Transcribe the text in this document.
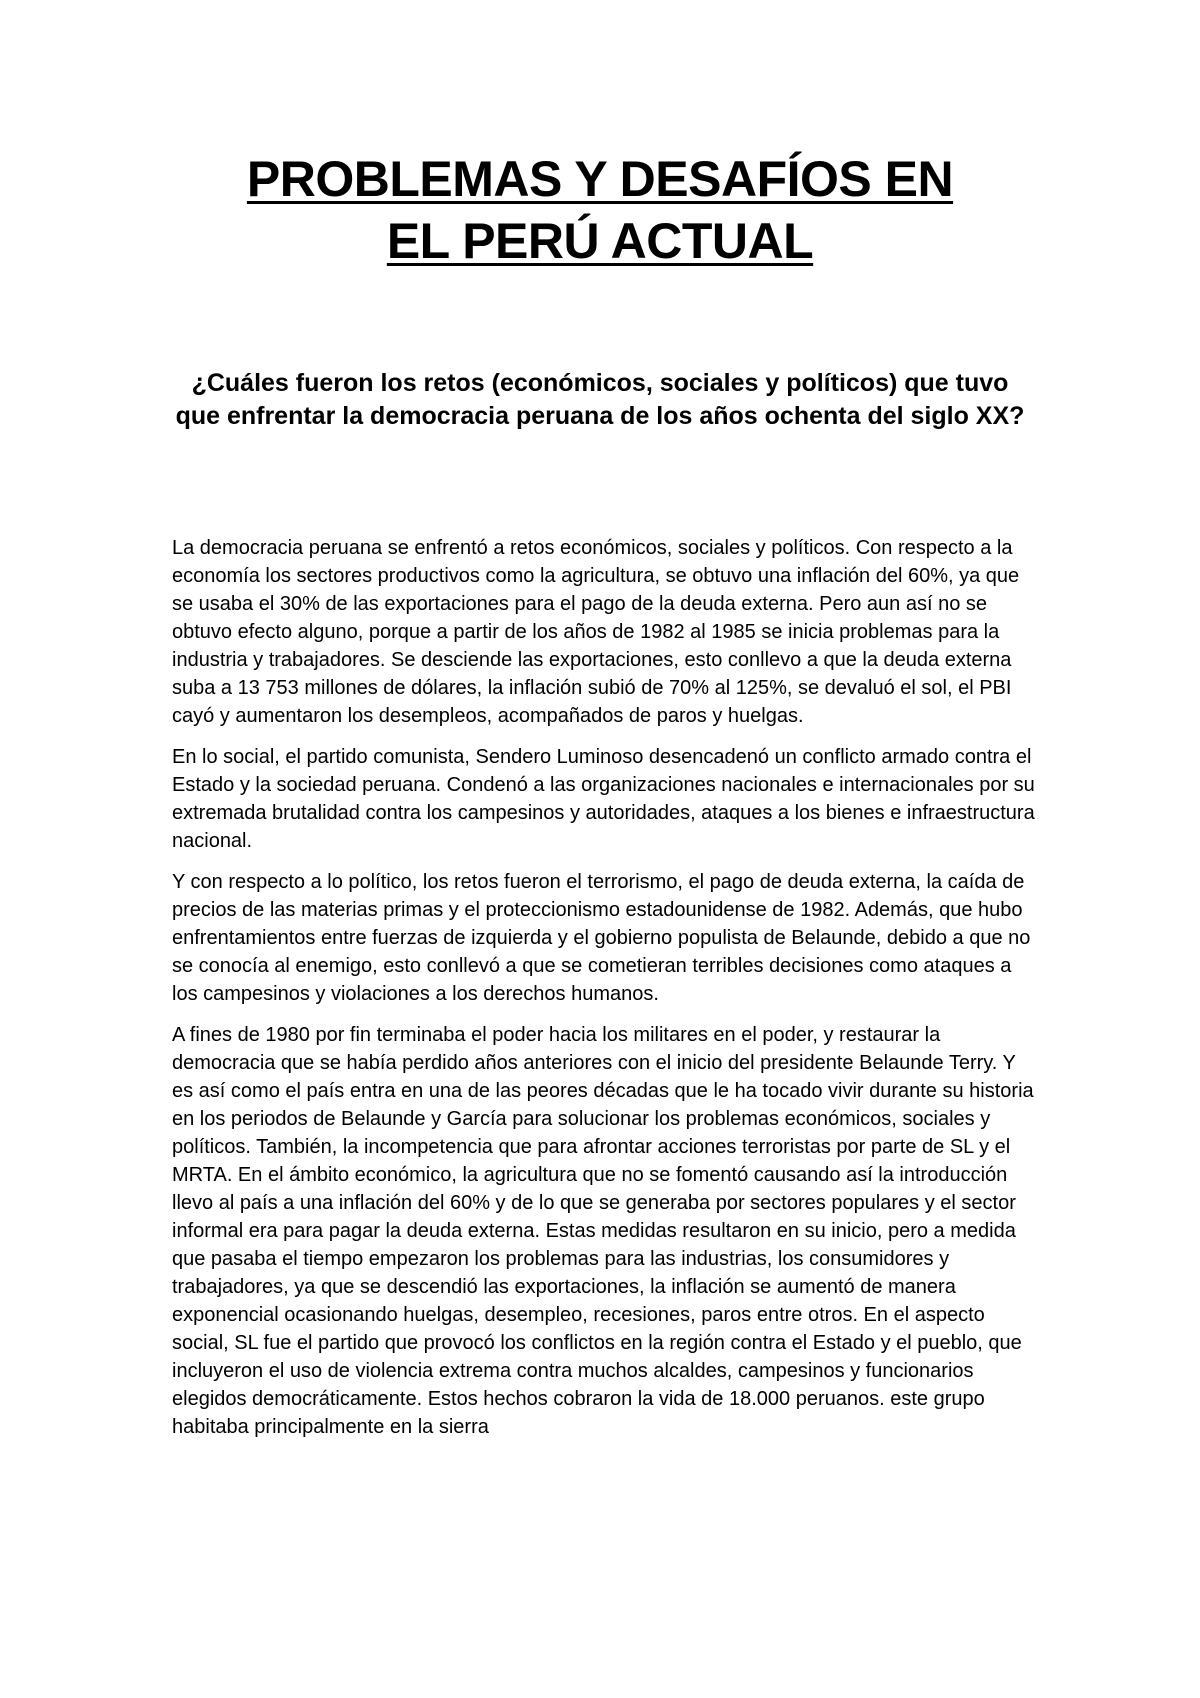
PROBLEMAS Y DESAFÍOS EN
EL PERÚ ACTUAL
¿Cuáles fueron los retos (económicos, sociales y políticos) que tuvo que enfrentar la democracia peruana de los años ochenta del siglo XX?

La democracia peruana se enfrentó a retos económicos, sociales y políticos. Con respecto a la economía los sectores productivos como la agricultura, se obtuvo una inflación del 60%, ya que se usaba el 30% de las exportaciones para el pago de la deuda externa. Pero aun así no se obtuvo efecto alguno, porque a partir de los años de 1982 al 1985 se inicia problemas para la industria y trabajadores. Se desciende las exportaciones, esto conllevo a que la deuda externa suba a 13 753 millones de dólares, la inflación subió de 70% al 125%, se devaluó el sol, el PBI cayó y aumentaron los desempleos, acompañados de paros y huelgas.

En lo social, el partido comunista, Sendero Luminoso desencadenó un conflicto armado contra el Estado y la sociedad peruana. Condenó a las organizaciones nacionales e internacionales por su extremada brutalidad contra los campesinos y autoridades, ataques a los bienes e infraestructura nacional.

Y con respecto a lo político, los retos fueron el terrorismo, el pago de deuda externa, la caída de precios de las materias primas y el proteccionismo estadounidense de 1982. Además, que hubo enfrentamientos entre fuerzas de izquierda y el gobierno populista de Belaunde, debido a que no se conocía al enemigo, esto conllevó a que se cometieran terribles decisiones como ataques a los campesinos y violaciones a los derechos humanos.

A fines de 1980 por fin terminaba el poder hacia los militares en el poder, y restaurar la democracia que se había perdido años anteriores con el inicio del presidente Belaunde Terry. Y es así como el país entra en una de las peores décadas que le ha tocado vivir durante su historia en los periodos de Belaunde y García para solucionar los problemas económicos, sociales y políticos. También, la incompetencia que para afrontar acciones terroristas por parte de SL y el MRTA. En el ámbito económico, la agricultura que no se fomentó causando así la introducción llevo al país a una inflación del 60% y de lo que se generaba por sectores populares y el sector informal era para pagar la deuda externa. Estas medidas resultaron en su inicio, pero a medida que pasaba el tiempo empezaron los problemas para las industrias, los consumidores y trabajadores, ya que se descendió las exportaciones, la inflación se aumentó de manera exponencial ocasionando huelgas, desempleo, recesiones, paros entre otros. En el aspecto social, SL fue el partido que provocó los conflictos en la región contra el Estado y el pueblo, que incluyeron el uso de violencia extrema contra muchos alcaldes, campesinos y funcionarios elegidos democráticamente. Estos hechos cobraron la vida de 18.000 peruanos. este grupo habitaba principalmente en la sierra
